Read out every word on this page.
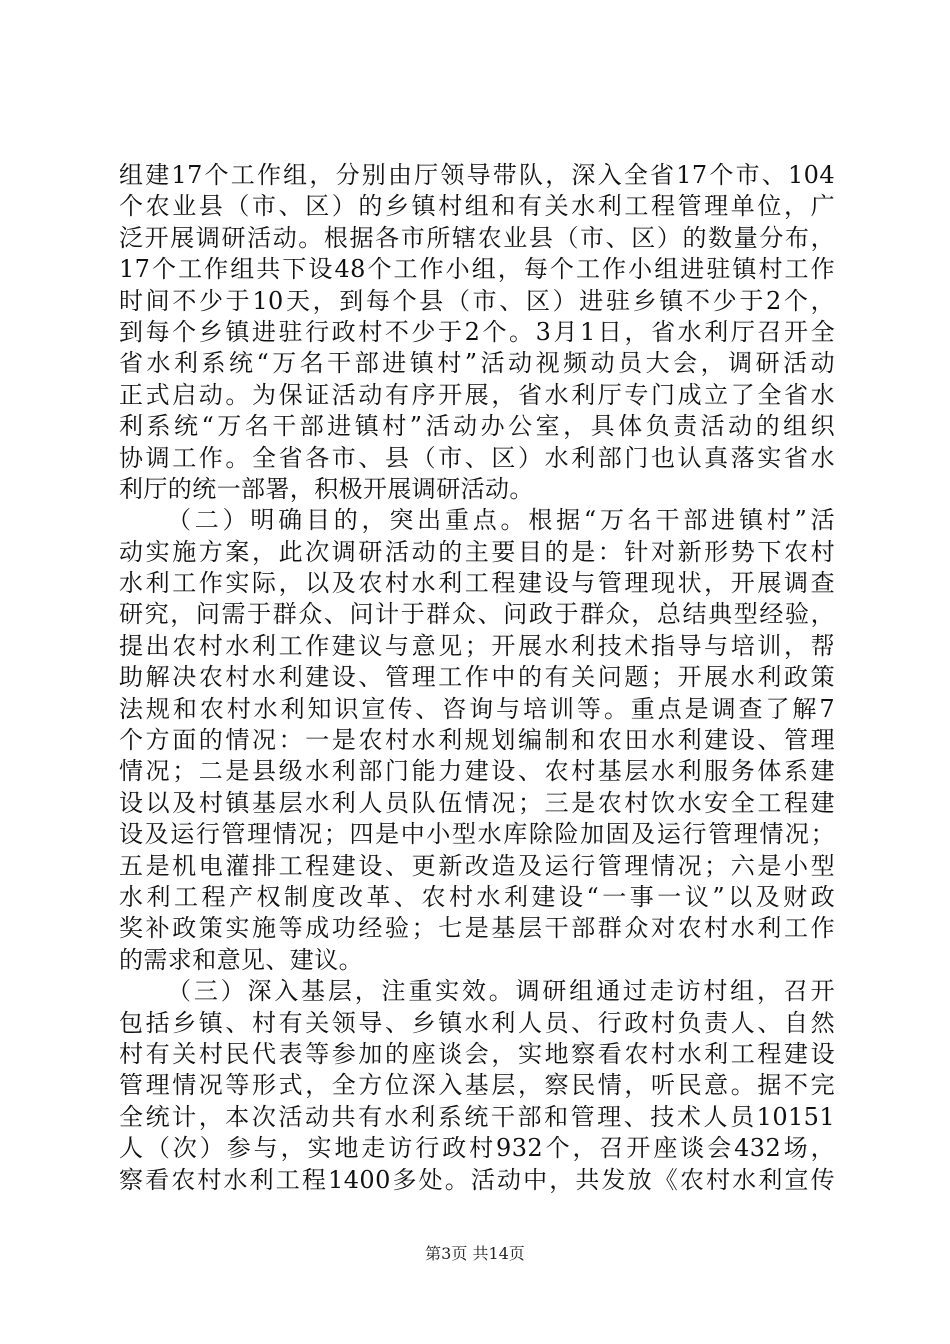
组建17个工作组，分别由厅领导带队，深入全省17个市、104
个农业县（市、区）的乡镇村组和有关水利工程管理单位，广
泛开展调研活动。根据各市所辖农业县（市、区）的数量分布，
17个工作组共下设48个工作小组，每个工作小组进驻镇村工作
时间不少于10天，到每个县（市、区）进驻乡镇不少于2个，
到每个乡镇进驻行政村不少于2个。3月1日，省水利厅召开全
省水利系统“万名干部进镇村”活动视频动员大会，调研活动
正式启动。为保证活动有序开展，省水利厅专门成立了全省水
利系统“万名干部进镇村”活动办公室，具体负责活动的组织
协调工作。全省各市、县（市、区）水利部门也认真落实省水
利厅的统一部署，积极开展调研活动。
（二）明确目的，突出重点。根据“万名干部进镇村”活
动实施方案，此次调研活动的主要目的是：针对新形势下农村
水利工作实际，以及农村水利工程建设与管理现状，开展调查
研究，问需于群众、问计于群众、问政于群众，总结典型经验，
提出农村水利工作建议与意见；开展水利技术指导与培训，帮
助解决农村水利建设、管理工作中的有关问题；开展水利政策
法规和农村水利知识宣传、咨询与培训等。重点是调查了解7
个方面的情况：一是农村水利规划编制和农田水利建设、管理
情况；二是县级水利部门能力建设、农村基层水利服务体系建
设以及村镇基层水利人员队伍情况；三是农村饮水安全工程建
设及运行管理情况；四是中小型水库除险加固及运行管理情况；
五是机电灌排工程建设、更新改造及运行管理情况；六是小型
水利工程产权制度改革、农村水利建设“一事一议”以及财政
奖补政策实施等成功经验；七是基层干部群众对农村水利工作
的需求和意见、建议。
（三）深入基层，注重实效。调研组通过走访村组，召开
包括乡镇、村有关领导、乡镇水利人员、行政村负责人、自然
村有关村民代表等参加的座谈会，实地察看农村水利工程建设
管理情况等形式，全方位深入基层，察民情，听民意。据不完
全统计，本次活动共有水利系统干部和管理、技术人员10151
人（次）参与，实地走访行政村932个，召开座谈会432场，
察看农村水利工程1400多处。活动中，共发放《农村水利宣传
第3页 共14页
